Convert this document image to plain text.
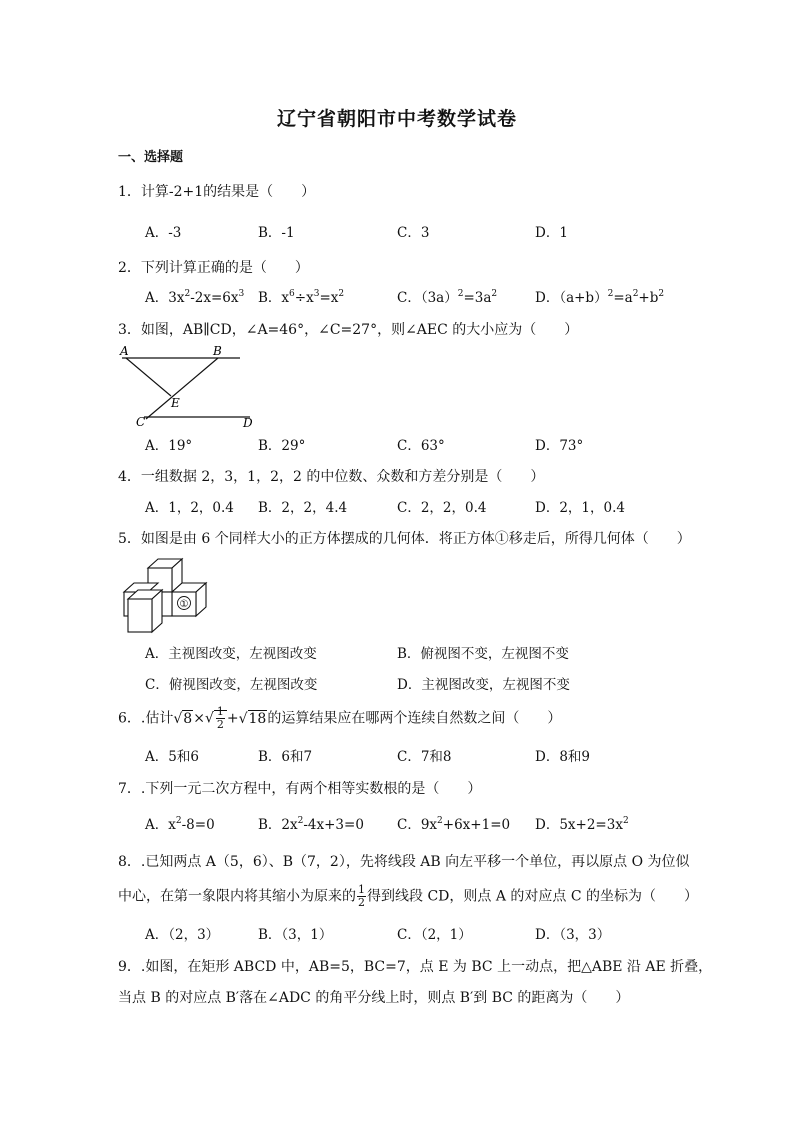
辽宁省朝阳市中考数学试卷
一、选择题
1．计算-2+1的结果是（　　）
A．-3	B．-1	C．3	D．1
2．下列计算正确的是（　　）
A．$3x^2-2x=6x^3$ B．$x^6\div x^3=x^2$	C．$(3a)^2=3a^2$	D．$(a+b)^2=a^2+b^2$
3．如图，AB∥CD，∠A=46°，∠C=27°，则∠AEC 的大小应为（　　）
A	B
E
C	D
A．19°	B．29°	C．63°	D．73°
4．一组数据 2，3，1，2，2 的中位数、众数和方差分别是（　　）
A．1，2，0.4 B．2，2，4.4	C．2，2，0.4	D．2，1，0.4
5．如图是由 6 个同样大小的正方体摆成的几何体．将正方体①移走后，所得几何体（　　）
①
A．主视图改变，左视图改变	B．俯视图不变，左视图不变
C．俯视图改变，左视图改变	D．主视图改变，左视图不变
6．.估计$√8\times√ \frac{1}{2} +√18$的运算结果应在哪两个连续自然数之间（　　）
A．5和6	B．6和7	C．7和8	D．8和9
7．.下列一元二次方程中，有两个相等实数根的是（　　）
A．$x^2-8=0$	B．$2x^2-4x+3=0$ C．$9x^2+6x+1=0$ D．$5x+2=3x^2$
8．.已知两点 A（5，6）、B（7，2），先将线段 AB 向左平移一个单位，再以原点 O 为位似
中心，在第一象限内将其缩小为原来的 $\frac{1}{2}$ 得到线段 CD，则点 A 的对应点 C 的坐标为（　　）
A．（2，3）	B．（3，1）	C．（2，1）	D．（3，3）
9．.如图，在矩形 ABCD 中，AB=5，BC=7，点 E 为 BC 上一动点，把△ABE 沿 AE 折叠，
当点 B 的对应点 B′落在∠ADC 的角平分线上时，则点 B′到 BC 的距离为（　　）
